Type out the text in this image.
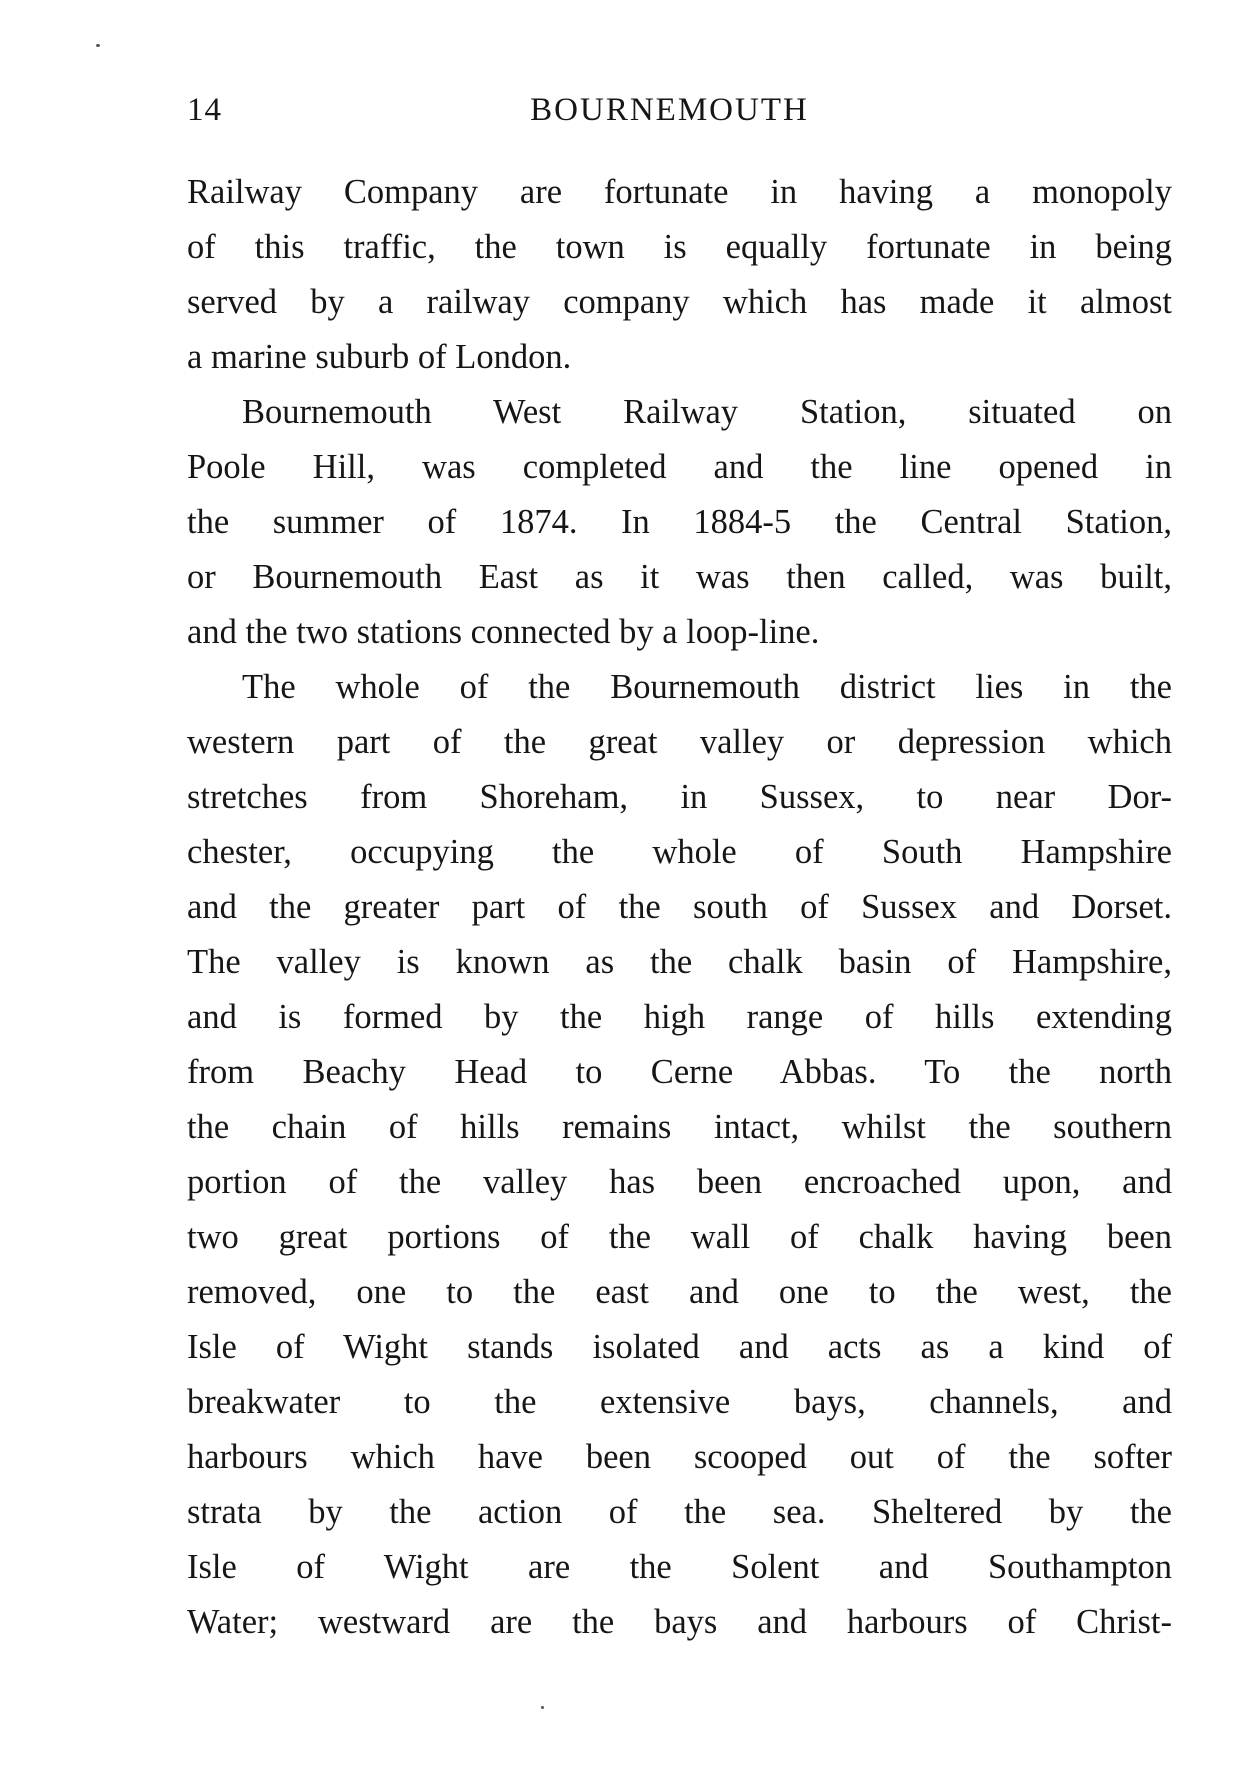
14	BOURNEMOUTH
Railway Company are fortunate in having a monopoly
of this traffic, the town is equally fortunate in being
served by a railway company which has made it almost
a marine suburb of London.
Bournemouth West Railway Station, situated on
Poole Hill, was completed and the line opened in
the summer of 1874. In 1884-5 the Central Station,
or Bournemouth East as it was then called, was built,
and the two stations connected by a loop-line.
The whole of the Bournemouth district lies in the
western part of the great valley or depression which
stretches from Shoreham, in Sussex, to near Dor-
chester, occupying the whole of South Hampshire
and the greater part of the south of Sussex and Dorset.
The valley is known as the chalk basin of Hampshire,
and is formed by the high range of hills extending
from Beachy Head to Cerne Abbas. To the north
the chain of hills remains intact, whilst the southern
portion of the valley has been encroached upon, and
two great portions of the wall of chalk having been
removed, one to the east and one to the west, the
Isle of Wight stands isolated and acts as a kind of
breakwater to the extensive bays, channels, and
harbours which have been scooped out of the softer
strata by the action of the sea. Sheltered by the
Isle of Wight are the Solent and Southampton
Water; westward are the bays and harbours of Christ-
